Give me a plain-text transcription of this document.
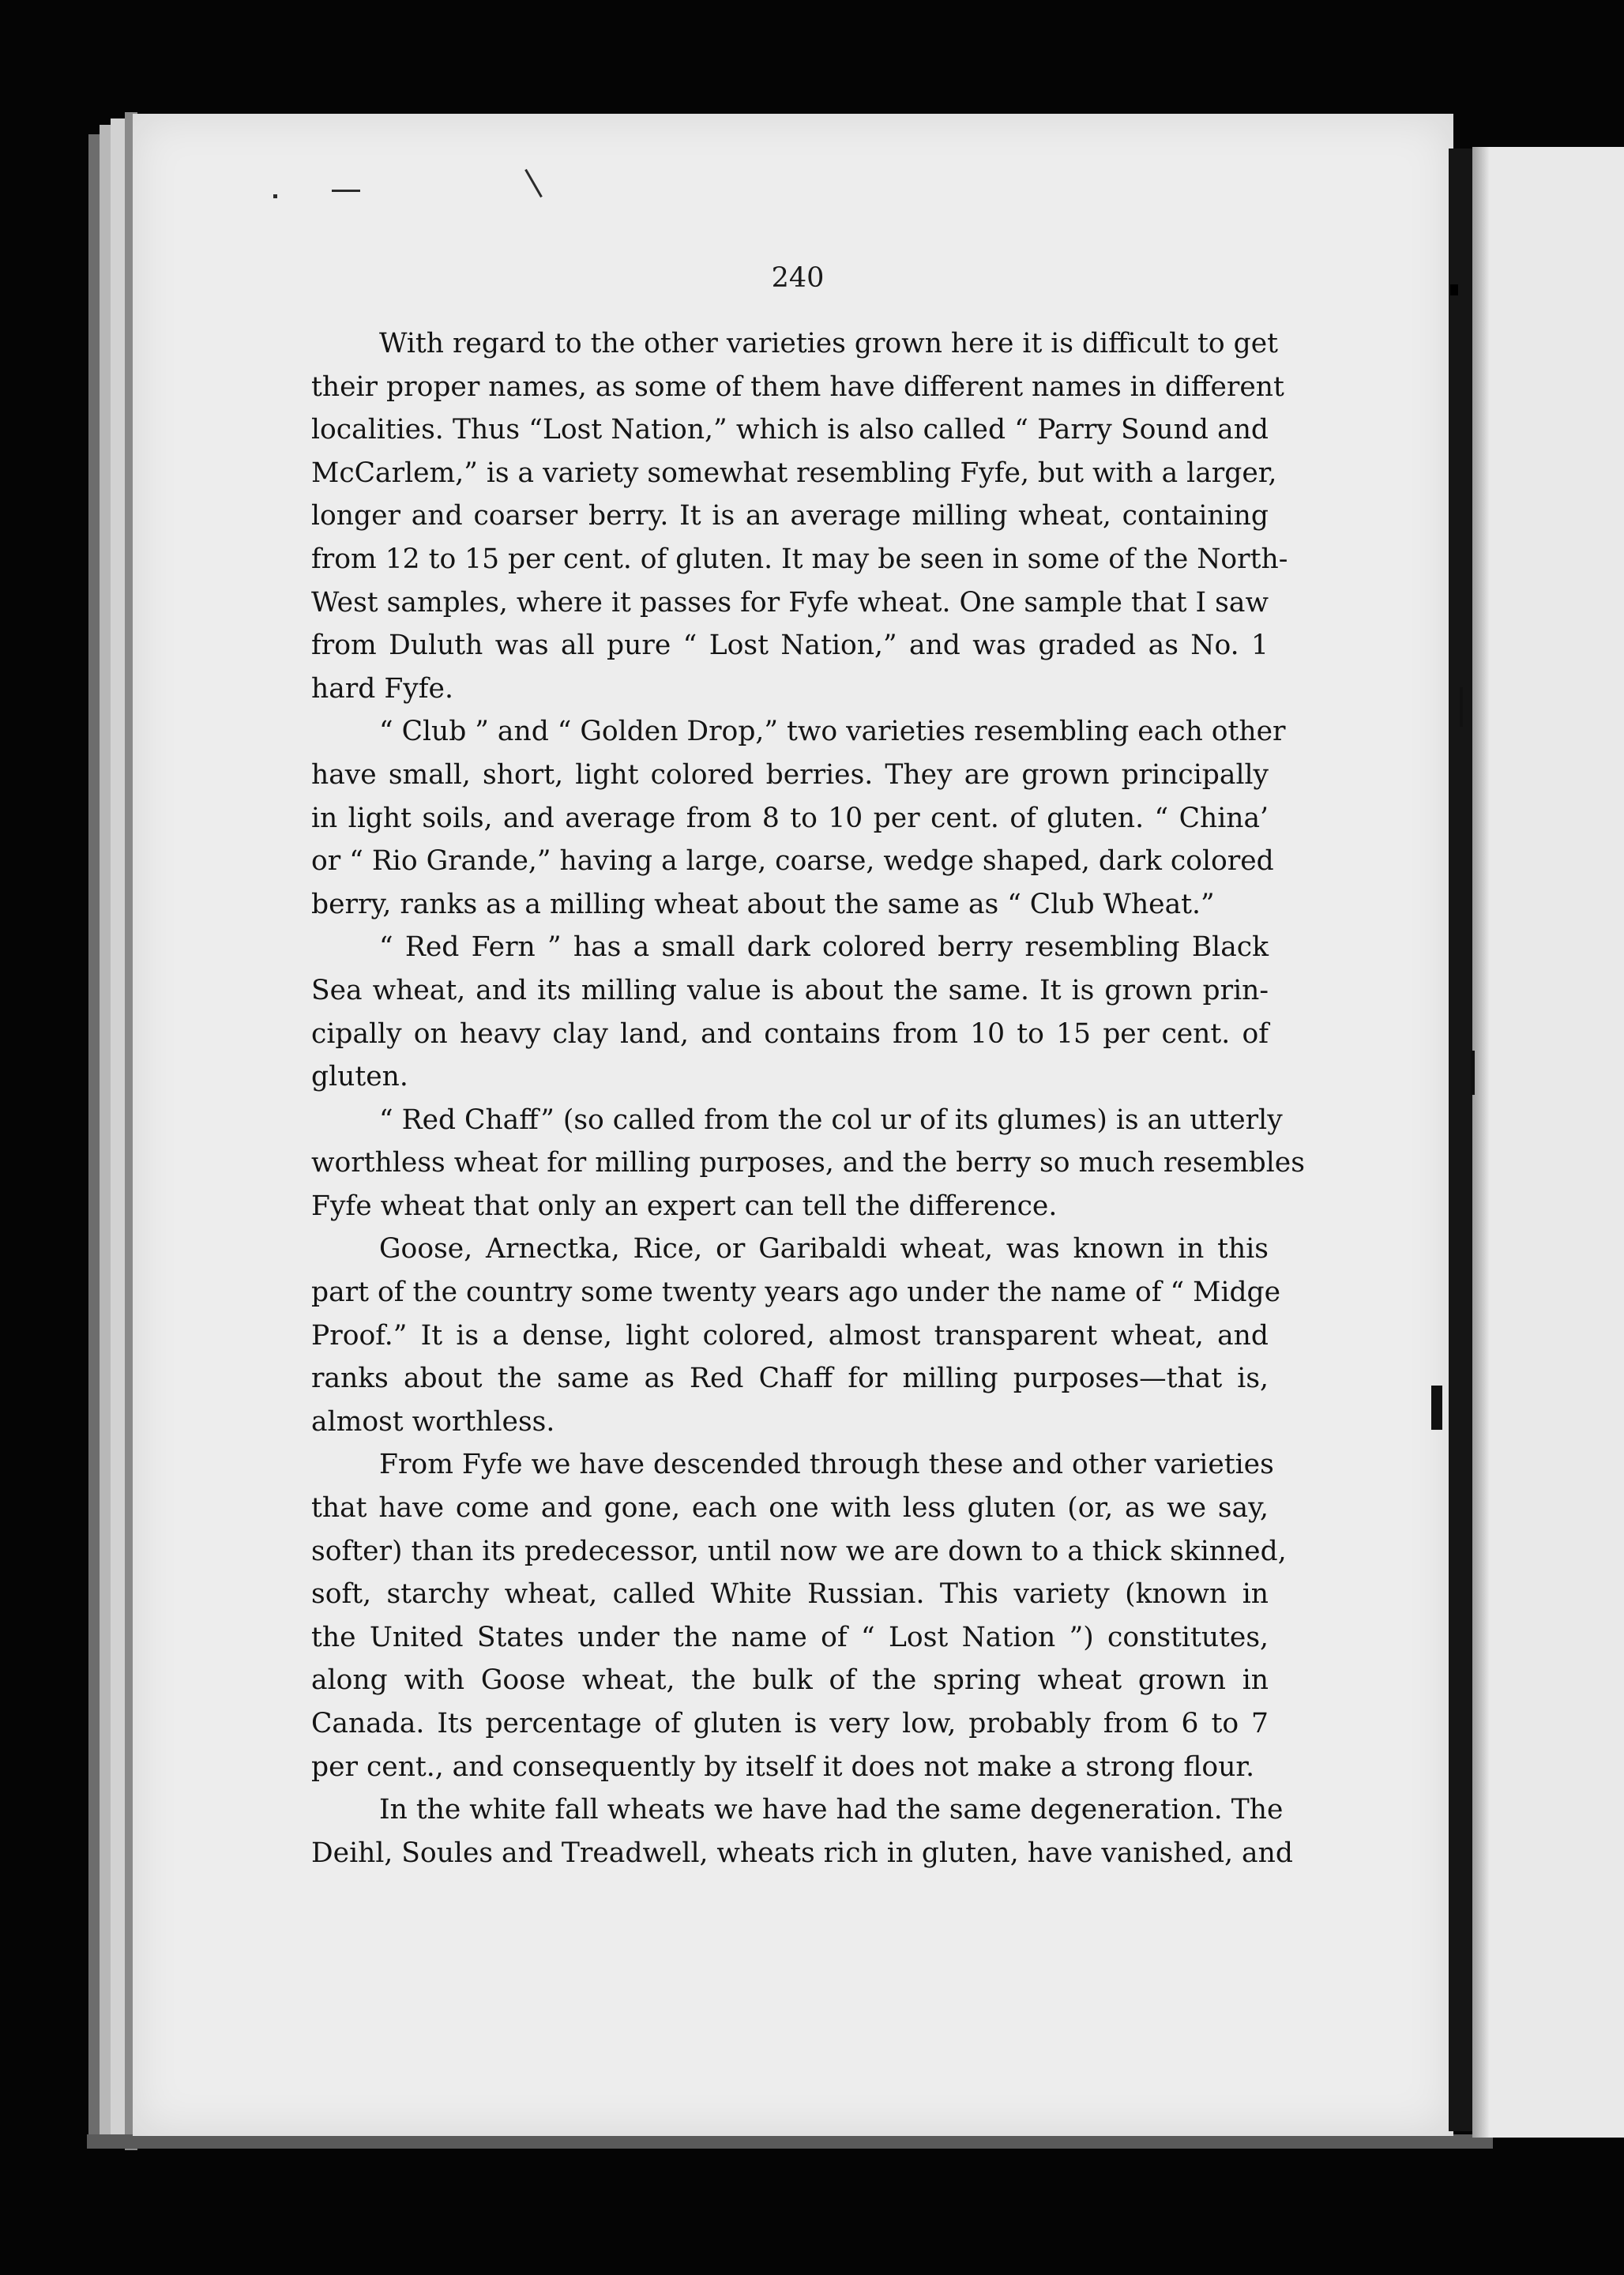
240

With regard to the other varieties grown here it is difficult to get
their proper names, as some of them have different names in different
localities. Thus “Lost Nation,” which is also called “ Parry Sound and
McCarlem,” is a variety somewhat resembling Fyfe, but with a larger,
longer and coarser berry. It is an average milling wheat, containing
from 12 to 15 per cent. of gluten. It may be seen in some of the North-
West samples, where it passes for Fyfe wheat. One sample that I saw
from Duluth was all pure “ Lost Nation,” and was graded as No. 1
hard Fyfe.

“ Club ” and “ Golden Drop,” two varieties resembling each other
have small, short, light colored berries. They are grown principally
in light soils, and average from 8 to 10 per cent. of gluten. “ China’
or “ Rio Grande,” having a large, coarse, wedge shaped, dark colored
berry, ranks as a milling wheat about the same as “ Club Wheat.”

“ Red Fern ” has a small dark colored berry resembling Black
Sea wheat, and its milling value is about the same. It is grown prin-
cipally on heavy clay land, and contains from 10 to 15 per cent. of
gluten.

“ Red Chaff” (so called from the col ur of its glumes) is an utterly
worthless wheat for milling purposes, and the berry so much resembles
Fyfe wheat that only an expert can tell the difference.

Goose, Arnectka, Rice, or Garibaldi wheat, was known in this
part of the country some twenty years ago under the name of “ Midge
Proof.” It is a dense, light colored, almost transparent wheat, and
ranks about the same as Red Chaff for milling purposes—that is,
almost worthless.

From Fyfe we have descended through these and other varieties
that have come and gone, each one with less gluten (or, as we say,
softer) than its predecessor, until now we are down to a thick skinned,
soft, starchy wheat, called White Russian. This variety (known in
the United States under the name of “ Lost Nation ”) constitutes,
along with Goose wheat, the bulk of the spring wheat grown in
Canada. Its percentage of gluten is very low, probably from 6 to 7
per cent., and consequently by itself it does not make a strong flour.

In the white fall wheats we have had the same degeneration. The
Deihl, Soules and Treadwell, wheats rich in gluten, have vanished, and
